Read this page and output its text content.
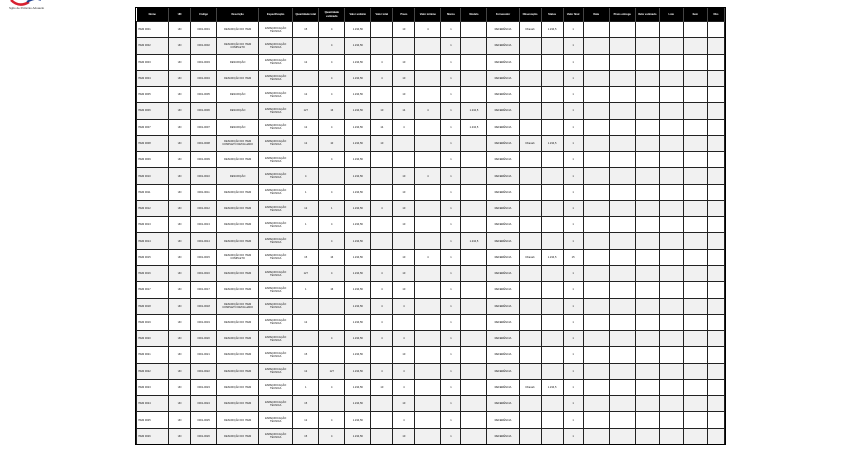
Sglio de Polisinio Aduauilo
Nome	UN	Código	Descrição	Especificação	Quantidade total	Quantidade estimada	Valor unitário	Valor total	Prazo	Valor mínimo	Marca	Modelo	Fornecedor	Observação	Status	Valor final	Data	Prazo entrega	Valor estimado	Lote	Item	Obs
ITEM 0001	UN	0001-0001	DESCRIÇÃO DO ITEM	ESPECIFICAÇÃO TÉCNICA	15	4	1.234,56		10	4	1		REFERÊNCIA	Dhanab	1.234,5	1						
ITEM 0002	UN	0001-0002	DESCRIÇÃO DO ITEM COMPLETO	ESPECIFICAÇÃO TÉCNICA		4	1.234,56				1		REFERÊNCIA			1						
ITEM 0003	UN	0001-0003	DESCRIÇÃO	ESPECIFICAÇÃO TÉCNICA	12	4	1.234,56	4	10		1		REFERÊNCIA			1						
ITEM 0004	UN	0001-0004	DESCRIÇÃO DO ITEM	ESPECIFICAÇÃO TÉCNICA		4	1.234,56	4	10		1		REFERÊNCIA			1						
ITEM 0005	UN	0001-0005	DESCRIÇÃO	ESPECIFICAÇÃO TÉCNICA	12	4	1.234,56		10		1		REFERÊNCIA			1						
ITEM 0006	UN	0001-0006	DESCRIÇÃO	ESPECIFICAÇÃO TÉCNICA	127	16	1.234,56	10	14	4	1	1.234,5	REFERÊNCIA			1						
ITEM 0007	UN	0001-0007	DESCRIÇÃO	ESPECIFICAÇÃO TÉCNICA	12	4	1.234,56	14	4		1	1.234,5	REFERÊNCIA			1						
ITEM 0008	UN	0001-0008	DESCRIÇÃO DO ITEM COMPLETO DETALHADO	ESPECIFICAÇÃO TÉCNICA	12	10	1.234,56	10			1		REFERÊNCIA	Dhanab	1.234,5	1						
ITEM 0009	UN	0001-0009	DESCRIÇÃO DO ITEM	ESPECIFICAÇÃO TÉCNICA		4	1.234,56				1		REFERÊNCIA			1						
ITEM 0010	UN	0001-0010	DESCRIÇÃO	ESPECIFICAÇÃO TÉCNICA	4		1.234,56		10	4	1		REFERÊNCIA			1						
ITEM 0011	UN	0001-0011	DESCRIÇÃO DO ITEM	ESPECIFICAÇÃO TÉCNICA	1	4	1.234,56		10		1		REFERÊNCIA			1						
ITEM 0012	UN	0001-0012	DESCRIÇÃO DO ITEM	ESPECIFICAÇÃO TÉCNICA	12	1	1.234,56	4	10		1		REFERÊNCIA			1						
ITEM 0013	UN	0001-0013	DESCRIÇÃO DO ITEM	ESPECIFICAÇÃO TÉCNICA	1	4	1.234,56		10		1		REFERÊNCIA			1						
ITEM 0014	UN	0001-0014	DESCRIÇÃO DO ITEM	ESPECIFICAÇÃO TÉCNICA		4	1.234,56				1	1.234,5	REFERÊNCIA			1						
ITEM 0015	UN	0001-0015	DESCRIÇÃO DO ITEM COMPLETO	ESPECIFICAÇÃO TÉCNICA	15	16	1.234,56		10	4	1		REFERÊNCIA	Dhanab	1.234,5	15						
ITEM 0016	UN	0001-0016	DESCRIÇÃO DO ITEM	ESPECIFICAÇÃO TÉCNICA	127	4	1.234,56	4	10		1		REFERÊNCIA			1						
ITEM 0017	UN	0001-0017	DESCRIÇÃO DO ITEM	ESPECIFICAÇÃO TÉCNICA	1	16	1.234,56	4	10		1		REFERÊNCIA			1						
ITEM 0018	UN	0001-0018	DESCRIÇÃO DO ITEM COMPLETO DETALHADO	ESPECIFICAÇÃO TÉCNICA			1.234,56	4	4		1		REFERÊNCIA			1						
ITEM 0019	UN	0001-0019	DESCRIÇÃO DO ITEM	ESPECIFICAÇÃO TÉCNICA	12		1.234,56	4			1		REFERÊNCIA			1						
ITEM 0020	UN	0001-0020	DESCRIÇÃO DO ITEM	ESPECIFICAÇÃO TÉCNICA		4	1.234,56	4	4		1		REFERÊNCIA			1						
ITEM 0021	UN	0001-0021	DESCRIÇÃO DO ITEM	ESPECIFICAÇÃO TÉCNICA	15		1.234,56		10		1		REFERÊNCIA			1						
ITEM 0022	UN	0001-0022	DESCRIÇÃO DO ITEM	ESPECIFICAÇÃO TÉCNICA	12	127	1.234,56	4	4		1		REFERÊNCIA			1						
ITEM 0023	UN	0001-0023	DESCRIÇÃO DO ITEM	ESPECIFICAÇÃO TÉCNICA	1	4	1.234,56	10	4		1		REFERÊNCIA	Dhanab	1.234,5	1						
ITEM 0024	UN	0001-0024	DESCRIÇÃO DO ITEM	ESPECIFICAÇÃO TÉCNICA	15		1.234,56		10		1		REFERÊNCIA			1						
ITEM 0025	UN	0001-0025	DESCRIÇÃO DO ITEM	ESPECIFICAÇÃO TÉCNICA	12	4	1.234,56		4		1		REFERÊNCIA			1						
ITEM 0026	UN	0001-0026	DESCRIÇÃO DO ITEM	ESPECIFICAÇÃO TÉCNICA	15	4	1.234,56		10		1		REFERÊNCIA			1						
